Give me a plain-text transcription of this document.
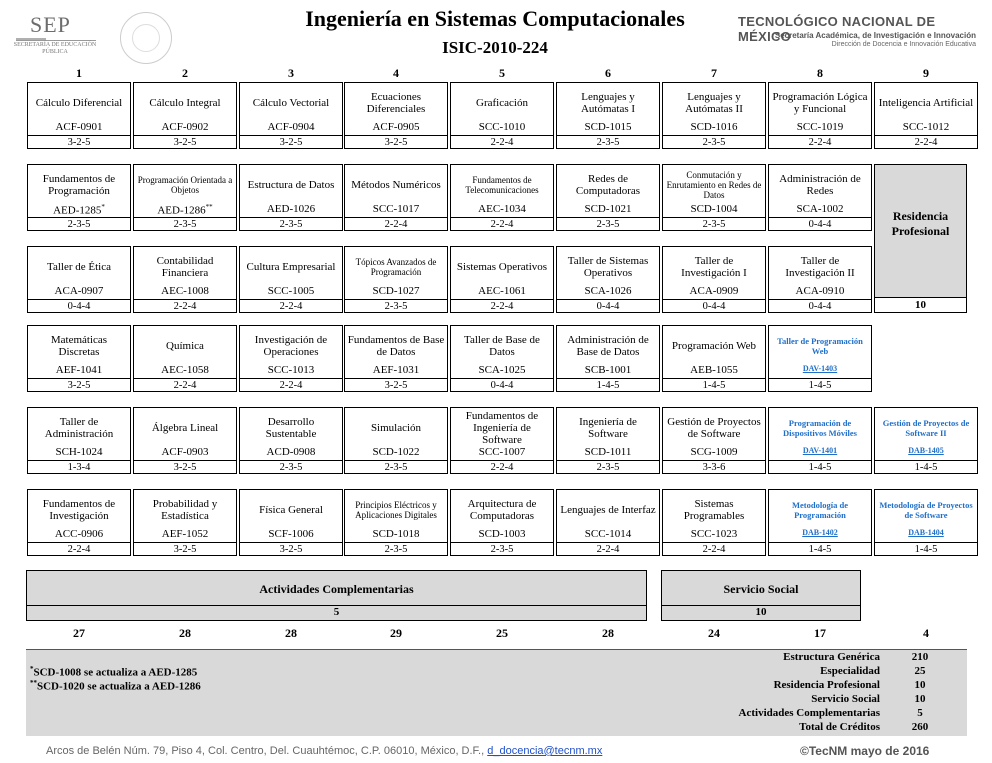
SEP
SECRETARÍA DE EDUCACIÓN PÚBLICA
Ingeniería en Sistemas Computacionales
ISIC-2010-224
TECNOLÓGICO NACIONAL DE MÉXICO
Secretaría Académica, de Investigación e Innovación
Dirección de Docencia e Innovación Educativa
1	2	3	4	5	6	7	8	9
Cálculo Diferencial
ACF-0901
3-2-5
Cálculo Integral
ACF-0902
3-2-5
Cálculo Vectorial
ACF-0904
3-2-5
Ecuaciones Diferenciales
ACF-0905
3-2-5
Graficación
SCC-1010
2-2-4
Lenguajes y Autómatas I
SCD-1015
2-3-5
Lenguajes y Autómatas II
SCD-1016
2-3-5
Programación Lógica y Funcional
SCC-1019
2-2-4
Inteligencia Artificial
SCC-1012
2-2-4
Fundamentos de Programación
AED-1285*
2-3-5
Programación Orientada a Objetos
AED-1286**
2-3-5
Estructura de Datos
AED-1026
2-3-5
Métodos Numéricos
SCC-1017
2-2-4
Fundamentos de Telecomunicaciones
AEC-1034
2-2-4
Redes de Computadoras
SCD-1021
2-3-5
Conmutación y Enrutamiento en Redes de Datos
SCD-1004
2-3-5
Administración de Redes
SCA-1002
0-4-4
Taller de Ética
ACA-0907
0-4-4
Contabilidad Financiera
AEC-1008
2-2-4
Cultura Empresarial
SCC-1005
2-2-4
Tópicos Avanzados de Programación
SCD-1027
2-3-5
Sistemas Operativos
AEC-1061
2-2-4
Taller de Sistemas Operativos
SCA-1026
0-4-4
Taller de Investigación I
ACA-0909
0-4-4
Taller de Investigación II
ACA-0910
0-4-4
Matemáticas Discretas
AEF-1041
3-2-5
Química
AEC-1058
2-2-4
Investigación de Operaciones
SCC-1013
2-2-4
Fundamentos de Base de Datos
AEF-1031
3-2-5
Taller de Base de Datos
SCA-1025
0-4-4
Administración de Base de Datos
SCB-1001
1-4-5
Programación Web
AEB-1055
1-4-5
Taller de Programación Web
DAV-1403
1-4-5
Taller de Administración
SCH-1024
1-3-4
Álgebra Lineal
ACF-0903
3-2-5
Desarrollo Sustentable
ACD-0908
2-3-5
Simulación
SCD-1022
2-3-5
Fundamentos de Ingeniería de Software
SCC-1007
2-2-4
Ingeniería de Software
SCD-1011
2-3-5
Gestión de Proyectos de Software
SCG-1009
3-3-6
Programación de Dispositivos Móviles
DAV-1401
1-4-5
Gestión de Proyectos de Software II
DAB-1405
1-4-5
Fundamentos de Investigación
ACC-0906
2-2-4
Probabilidad y Estadística
AEF-1052
3-2-5
Física General
SCF-1006
3-2-5
Principios Eléctricos y Aplicaciones Digitales
SCD-1018
2-3-5
Arquitectura de Computadoras
SCD-1003
2-3-5
Lenguajes de Interfaz
SCC-1014
2-2-4
Sistemas Programables
SCC-1023
2-2-4
Metodología de Programación
DAB-1402
1-4-5
Metodología de Proyectos de Software
DAB-1404
1-4-5
Residencia Profesional
10
Actividades Complementarias
5
Servicio Social
10
27	28	28	29	25	28	24	17	4
*SCD-1008 se actualiza a AED-1285
**SCD-1020 se actualiza a AED-1286
Estructura Genérica	210
Especialidad	25
Residencia Profesional	10
Servicio Social	10
Actividades Complementarias	5
Total de Créditos	260
Arcos de Belén Núm. 79, Piso 4, Col. Centro, Del. Cuauhtémoc, C.P. 06010, México, D.F., d_docencia@tecnm.mx	©TecNM mayo de 2016
